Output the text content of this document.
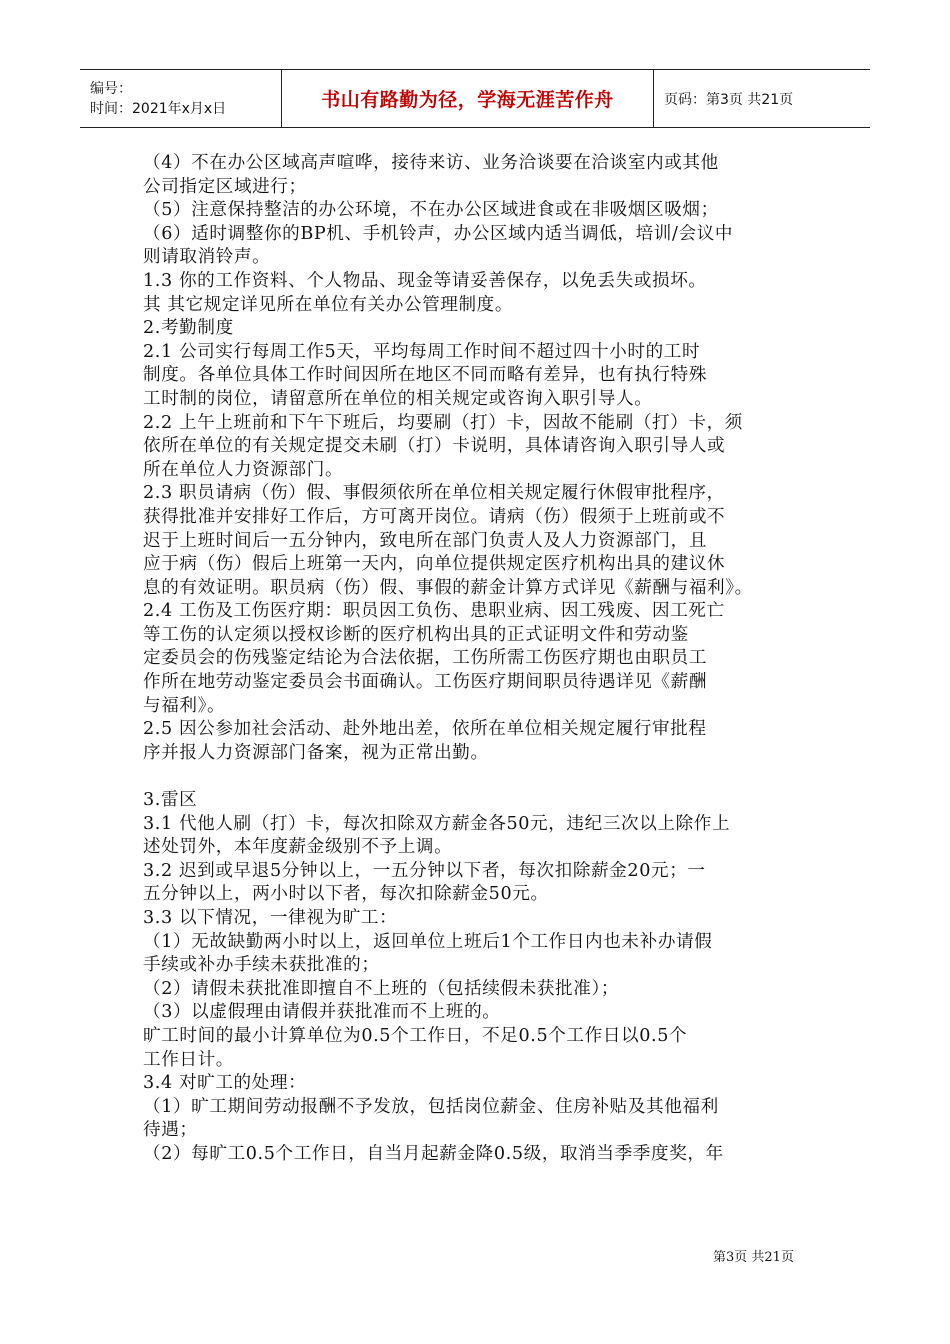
编号：
时间：2021年x月x日	书山有路勤为径，学海无涯苦作舟	页码：第3页 共21页

（4）不在办公区域高声喧哗，接待来访、业务洽谈要在洽谈室内或其他

公司指定区域进行；

（5）注意保持整洁的办公环境，不在办公区域进食或在非吸烟区吸烟；

（6）适时调整你的BP机、手机铃声，办公区域内适当调低，培训/会议中

则请取消铃声。

1.3 你的工作资料、个人物品、现金等请妥善保存，以免丢失或损坏。

其 其它规定详见所在单位有关办公管理制度。

2.考勤制度

2.1 公司实行每周工作5天，平均每周工作时间不超过四十小时的工时

制度。各单位具体工作时间因所在地区不同而略有差异，也有执行特殊

工时制的岗位，请留意所在单位的相关规定或咨询入职引导人。

2.2 上午上班前和下午下班后，均要刷（打）卡，因故不能刷（打）卡，须

依所在单位的有关规定提交未刷（打）卡说明，具体请咨询入职引导人或

所在单位人力资源部门。

2.3 职员请病（伤）假、事假须依所在单位相关规定履行休假审批程序，

获得批准并安排好工作后，方可离开岗位。请病（伤）假须于上班前或不

迟于上班时间后一五分钟内，致电所在部门负责人及人力资源部门，且

应于病（伤）假后上班第一天内，向单位提供规定医疗机构出具的建议休

息的有效证明。职员病（伤）假、事假的薪金计算方式详见《薪酬与福利》。

2.4 工伤及工伤医疗期：职员因工负伤、患职业病、因工残废、因工死亡

等工伤的认定须以授权诊断的医疗机构出具的正式证明文件和劳动鉴

定委员会的伤残鉴定结论为合法依据，工伤所需工伤医疗期也由职员工

作所在地劳动鉴定委员会书面确认。工伤医疗期间职员待遇详见《薪酬

与福利》。

2.5 因公参加社会活动、赴外地出差，依所在单位相关规定履行审批程

序并报人力资源部门备案，视为正常出勤。

3.雷区

3.1 代他人刷（打）卡，每次扣除双方薪金各50元，违纪三次以上除作上

述处罚外，本年度薪金级别不予上调。

3.2 迟到或早退5分钟以上，一五分钟以下者，每次扣除薪金20元；一

五分钟以上，两小时以下者，每次扣除薪金50元。

3.3 以下情况，一律视为旷工：

（1）无故缺勤两小时以上，返回单位上班后1个工作日内也未补办请假

手续或补办手续未获批准的；

（2）请假未获批准即擅自不上班的（包括续假未获批准）；

（3）以虚假理由请假并获批准而不上班的。

旷工时间的最小计算单位为0.5个工作日，不足0.5个工作日以0.5个

工作日计。

3.4 对旷工的处理：

（1）旷工期间劳动报酬不予发放，包括岗位薪金、住房补贴及其他福利

待遇；

（2）每旷工0.5个工作日，自当月起薪金降0.5级，取消当季季度奖，年

第3页 共21页
